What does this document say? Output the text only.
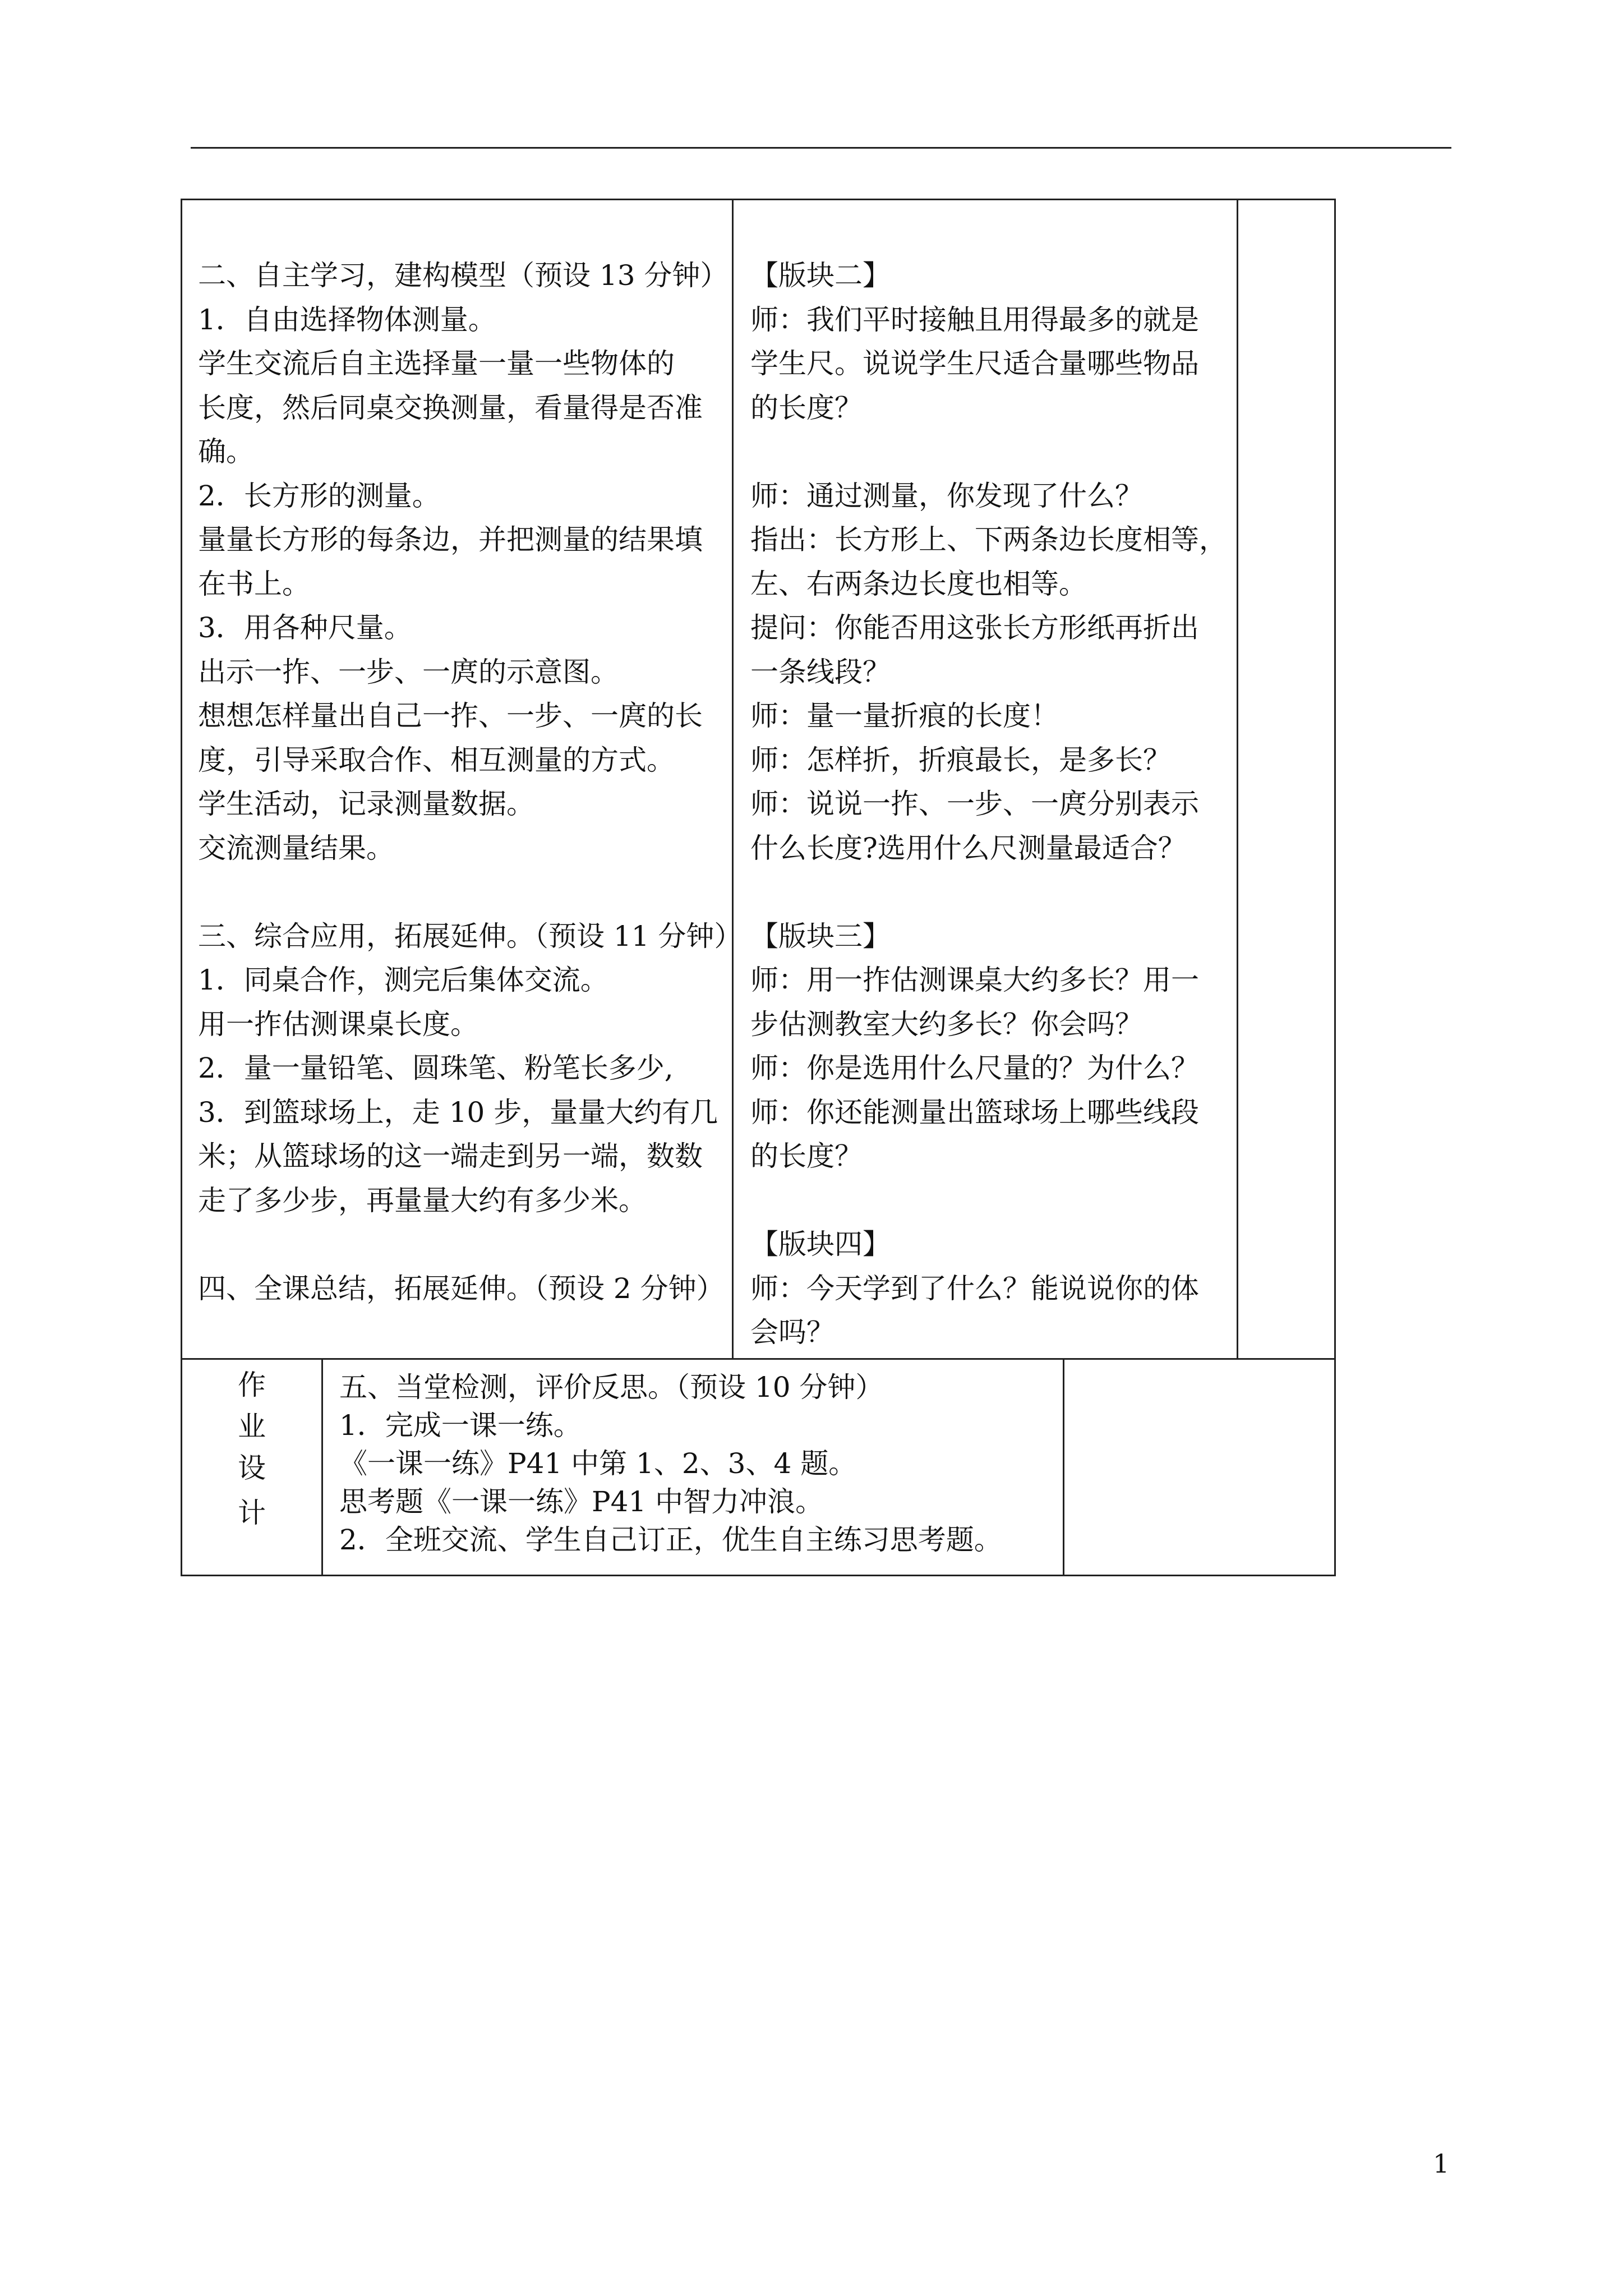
二、自主学习，建构模型（预设 13 分钟）
1．自由选择物体测量。
学生交流后自主选择量一量一些物体的
长度，然后同桌交换测量，看量得是否准
确。
2．长方形的测量。
量量长方形的每条边，并把测量的结果填
在书上。
3．用各种尺量。
出示一拃、一步、一庹的示意图。
想想怎样量出自己一拃、一步、一庹的长
度，引导采取合作、相互测量的方式。
学生活动，记录测量数据。
交流测量结果。
三、综合应用，拓展延伸。（预设 11 分钟）
1．同桌合作，测完后集体交流。
用一拃估测课桌长度。
2．量一量铅笔、圆珠笔、粉笔长多少,
3．到篮球场上，走 10 步，量量大约有几
米；从篮球场的这一端走到另一端，数数
走了多少步，再量量大约有多少米。
四、全课总结，拓展延伸。（预设 2 分钟）
【版块二】
师：我们平时接触且用得最多的就是
学生尺。说说学生尺适合量哪些物品
的长度？
师：通过测量，你发现了什么？
指出：长方形上、下两条边长度相等，
左、右两条边长度也相等。
提问：你能否用这张长方形纸再折出
一条线段？
师：量一量折痕的长度！
师：怎样折，折痕最长，是多长？
师：说说一拃、一步、一庹分别表示
什么长度?选用什么尺测量最适合？
【版块三】
师：用一拃估测课桌大约多长？用一
步估测教室大约多长？你会吗？
师：你是选用什么尺量的？为什么？
师：你还能测量出篮球场上哪些线段
的长度？
【版块四】
师：今天学到了什么？能说说你的体
会吗？
作
业
设
计
五、当堂检测，评价反思。（预设 10 分钟）
1．完成一课一练。
《一课一练》P41 中第 1、2、3、4 题。
思考题《一课一练》P41 中智力冲浪。
2．全班交流、学生自己订正，优生自主练习思考题。
1
